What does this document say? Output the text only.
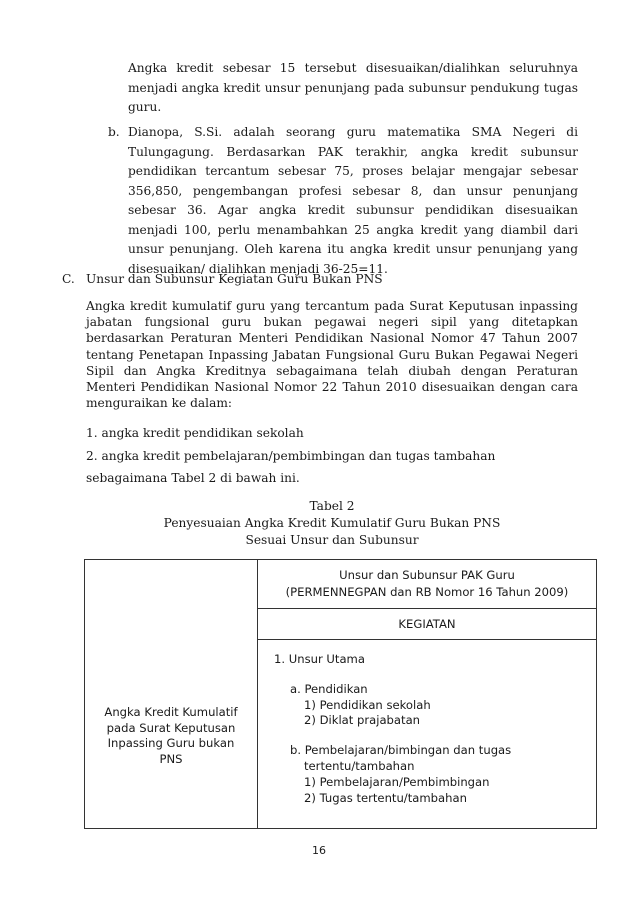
Angka kredit sebesar 15 tersebut disesuaikan/dialihkan seluruhnya menjadi angka kredit unsur penunjang pada subunsur pendukung tugas guru.
b. Dianopa, S.Si. adalah seorang guru matematika SMA Negeri di Tulungagung. Berdasarkan PAK terakhir, angka kredit subunsur pendidikan tercantum sebesar 75, proses belajar mengajar sebesar 356,850, pengembangan profesi sebesar 8, dan unsur penunjang sebesar 36. Agar angka kredit subunsur pendidikan disesuaikan menjadi 100, perlu menambahkan 25 angka kredit yang diambil dari unsur penunjang. Oleh karena itu angka kredit unsur penunjang yang disesuaikan/ dialihkan menjadi 36-25=11.
C. Unsur dan Subunsur Kegiatan Guru Bukan PNS
Angka kredit kumulatif guru yang tercantum pada Surat Keputusan inpassing jabatan fungsional guru bukan pegawai negeri sipil yang ditetapkan berdasarkan Peraturan Menteri Pendidikan Nasional Nomor 47 Tahun 2007 tentang Penetapan Inpassing Jabatan Fungsional Guru Bukan Pegawai Negeri Sipil dan Angka Kreditnya sebagaimana telah diubah dengan Peraturan Menteri Pendidikan Nasional Nomor 22 Tahun 2010 disesuaikan dengan cara menguraikan ke dalam:
1. angka kredit pendidikan sekolah
2. angka kredit pembelajaran/pembimbingan dan tugas tambahan
sebagaimana Tabel 2 di bawah ini.
Tabel 2
Penyesuaian Angka Kredit Kumulatif Guru Bukan PNS
Sesuai Unsur dan Subunsur
Angka Kredit Kumulatif pada Surat Keputusan Inpassing Guru bukan PNS

Unsur dan Subunsur PAK Guru
(PERMENNEGPAN dan RB Nomor 16 Tahun 2009)

KEGIATAN

1. Unsur Utama
a. Pendidikan
1) Pendidikan sekolah
2) Diklat prajabatan
b. Pembelajaran/bimbingan dan tugas
tertentu/tambahan
1) Pembelajaran/Pembimbingan
2) Tugas tertentu/tambahan
16
